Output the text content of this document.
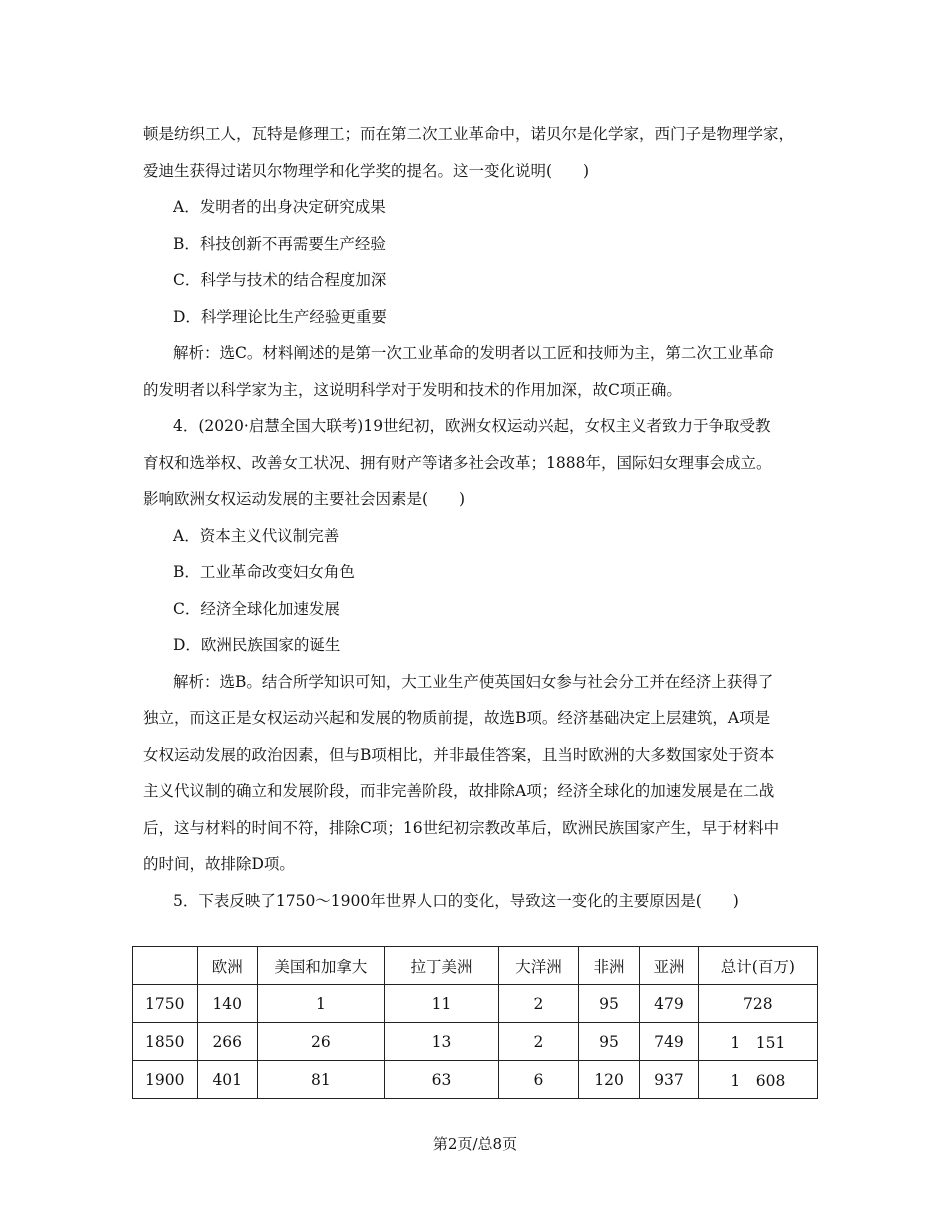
顿是纺织工人，瓦特是修理工；而在第二次工业革命中，诺贝尔是化学家，西门子是物理学家，
爱迪生获得过诺贝尔物理学和化学奖的提名。这一变化说明(　　)
A．发明者的出身决定研究成果
B．科技创新不再需要生产经验
C．科学与技术的结合程度加深
D．科学理论比生产经验更重要
解析：选C。材料阐述的是第一次工业革命的发明者以工匠和技师为主，第二次工业革命
的发明者以科学家为主，这说明科学对于发明和技术的作用加深，故C项正确。
4．(2020·启慧全国大联考)19世纪初，欧洲女权运动兴起，女权主义者致力于争取受教
育权和选举权、改善女工状况、拥有财产等诸多社会改革；1888年，国际妇女理事会成立。
影响欧洲女权运动发展的主要社会因素是(　　)
A．资本主义代议制完善
B．工业革命改变妇女角色
C．经济全球化加速发展
D．欧洲民族国家的诞生
解析：选B。结合所学知识可知，大工业生产使英国妇女参与社会分工并在经济上获得了
独立，而这正是女权运动兴起和发展的物质前提，故选B项。经济基础决定上层建筑，A项是
女权运动发展的政治因素，但与B项相比，并非最佳答案，且当时欧洲的大多数国家处于资本
主义代议制的确立和发展阶段，而非完善阶段，故排除A项；经济全球化的加速发展是在二战
后，这与材料的时间不符，排除C项；16世纪初宗教改革后，欧洲民族国家产生，早于材料中
的时间，故排除D项。
5．下表反映了1750～1900年世界人口的变化，导致这一变化的主要原因是(　　)
	欧洲	美国和加拿大	拉丁美洲	大洋洲	非洲	亚洲	总计(百万)
1750	140	1	11	2	95	479	728
1850	266	26	13	2	95	749	1　151
1900	401	81	63	6	120	937	1　608
第2页/总8页
